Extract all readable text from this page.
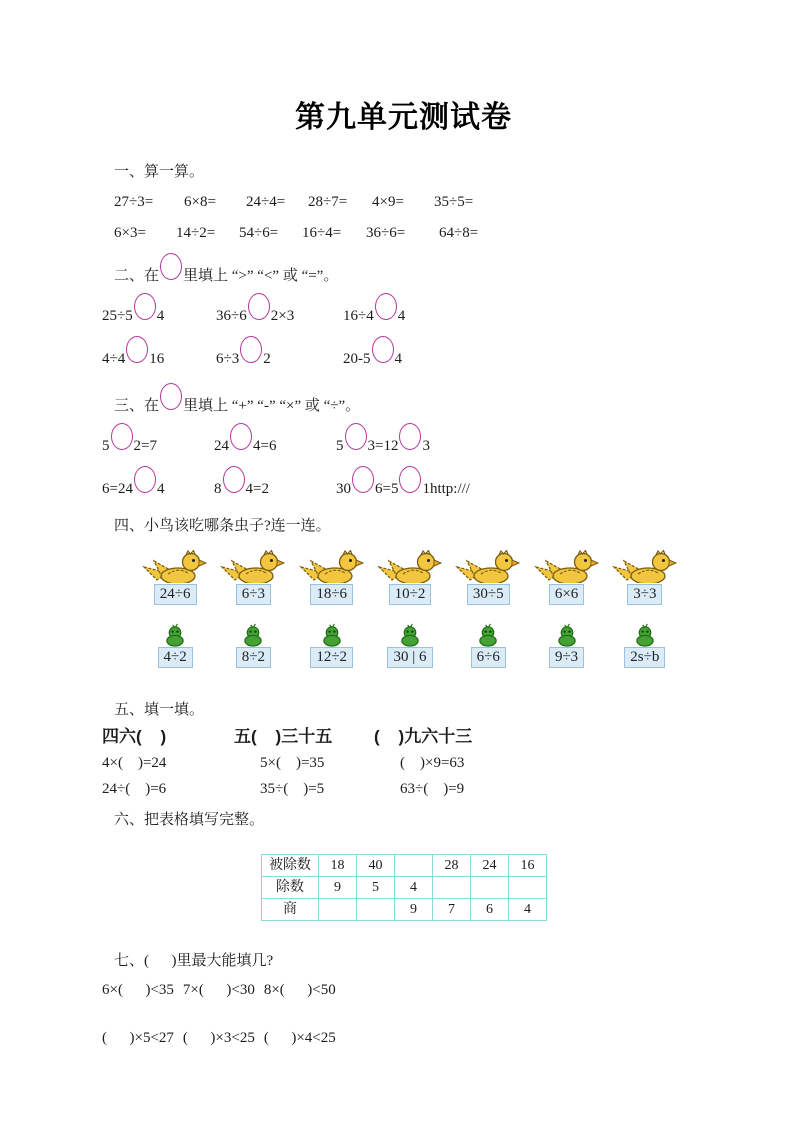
第九单元测试卷
一、算一算。
27÷3=	6×8=	24÷4=	28÷7=	4×9=	35÷5=
6×3=	14÷2=	54÷6=	16÷4=	36÷6=	64÷8=
二、在 里填上 “>” “<” 或 “=”。
25÷5 4	36÷6 2×3	16÷4 4
4÷4 16	6÷3 2	20-5 4
三、在 里填上 “+” “-” “×” 或 “÷”。
5 2=7	24 4=6	5 3=12 3
6=24 4	8 4=2	30 6=5 1http:///
四、小鸟该吃哪条虫子?连一连。
24÷6	6÷3	18÷6	10÷2	30÷5	6×6	3÷3
4÷2	8÷2	12÷2	30 | 6	6÷6	9÷3	2s÷b
五、填一填。
四六(    )	五(    )三十五	(    )九六十三
4×(    )=24	5×(    )=35	(    )×9=63
24÷(    )=6	35÷(    )=5	63÷(    )=9
六、把表格填写完整。
被除数	18	40		28	24	16
除数	9	5	4			
商			9	7	6	4
七、(      )里最大能填几?
6×(      )<35 7×(      )<30 8×(      )<50
(      )×5<27 (      )×3<25 (      )×4<25
